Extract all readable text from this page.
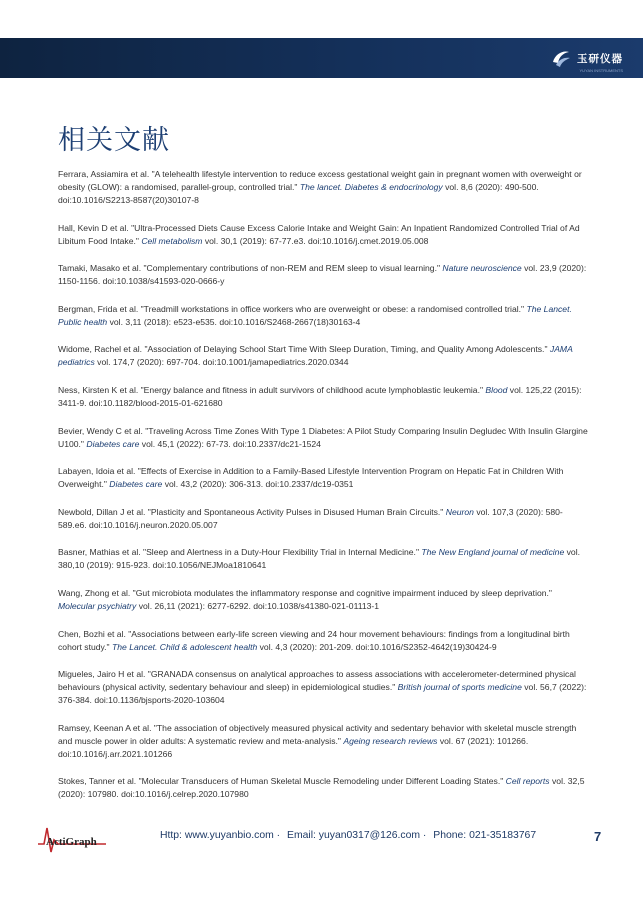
玉研仪器
YUYAN INSTRUMENTS
相关文献
Ferrara, Assiamira et al. "A telehealth lifestyle intervention to reduce excess gestational weight gain in pregnant women with overweight or obesity (GLOW): a randomised, parallel-group, controlled trial." The lancet. Diabetes & endocrinology vol. 8,6 (2020): 490-500. doi:10.1016/S2213-8587(20)30107-8
Hall, Kevin D et al. "Ultra-Processed Diets Cause Excess Calorie Intake and Weight Gain: An Inpatient Randomized Controlled Trial of Ad Libitum Food Intake." Cell metabolism vol. 30,1 (2019): 67-77.e3. doi:10.1016/j.cmet.2019.05.008
Tamaki, Masako et al. "Complementary contributions of non-REM and REM sleep to visual learning." Nature neuroscience vol. 23,9 (2020): 1150-1156. doi:10.1038/s41593-020-0666-y
Bergman, Frida et al. "Treadmill workstations in office workers who are overweight or obese: a randomised controlled trial." The Lancet. Public health vol. 3,11 (2018): e523-e535. doi:10.1016/S2468-2667(18)30163-4
Widome, Rachel et al. "Association of Delaying School Start Time With Sleep Duration, Timing, and Quality Among Adolescents." JAMA pediatrics vol. 174,7 (2020): 697-704. doi:10.1001/jamapediatrics.2020.0344
Ness, Kirsten K et al. "Energy balance and fitness in adult survivors of childhood acute lymphoblastic leukemia." Blood vol. 125,22 (2015): 3411-9. doi:10.1182/blood-2015-01-621680
Bevier, Wendy C et al. "Traveling Across Time Zones With Type 1 Diabetes: A Pilot Study Comparing Insulin Degludec With Insulin Glargine U100." Diabetes care vol. 45,1 (2022): 67-73. doi:10.2337/dc21-1524
Labayen, Idoia et al. "Effects of Exercise in Addition to a Family-Based Lifestyle Intervention Program on Hepatic Fat in Children With Overweight." Diabetes care vol. 43,2 (2020): 306-313. doi:10.2337/dc19-0351
Newbold, Dillan J et al. "Plasticity and Spontaneous Activity Pulses in Disused Human Brain Circuits." Neuron vol. 107,3 (2020): 580-589.e6. doi:10.1016/j.neuron.2020.05.007
Basner, Mathias et al. "Sleep and Alertness in a Duty-Hour Flexibility Trial in Internal Medicine." The New England journal of medicine vol. 380,10 (2019): 915-923. doi:10.1056/NEJMoa1810641
Wang, Zhong et al. "Gut microbiota modulates the inflammatory response and cognitive impairment induced by sleep deprivation." Molecular psychiatry vol. 26,11 (2021): 6277-6292. doi:10.1038/s41380-021-01113-1
Chen, Bozhi et al. "Associations between early-life screen viewing and 24 hour movement behaviours: findings from a longitudinal birth cohort study." The Lancet. Child & adolescent health vol. 4,3 (2020): 201-209. doi:10.1016/S2352-4642(19)30424-9
Migueles, Jairo H et al. "GRANADA consensus on analytical approaches to assess associations with accelerometer-determined physical behaviours (physical activity, sedentary behaviour and sleep) in epidemiological studies." British journal of sports medicine vol. 56,7 (2022): 376-384. doi:10.1136/bjsports-2020-103604
Ramsey, Keenan A et al. "The association of objectively measured physical activity and sedentary behavior with skeletal muscle strength and muscle power in older adults: A systematic review and meta-analysis." Ageing research reviews vol. 67 (2021): 101266. doi:10.1016/j.arr.2021.101266
Stokes, Tanner et al. "Molecular Transducers of Human Skeletal Muscle Remodeling under Different Loading States." Cell reports vol. 32,5 (2020): 107980. doi:10.1016/j.celrep.2020.107980
ActiGraph
Http: www.yuyanbio.com · Email: yuyan0317@126.com · Phone: 021-35183767	7
